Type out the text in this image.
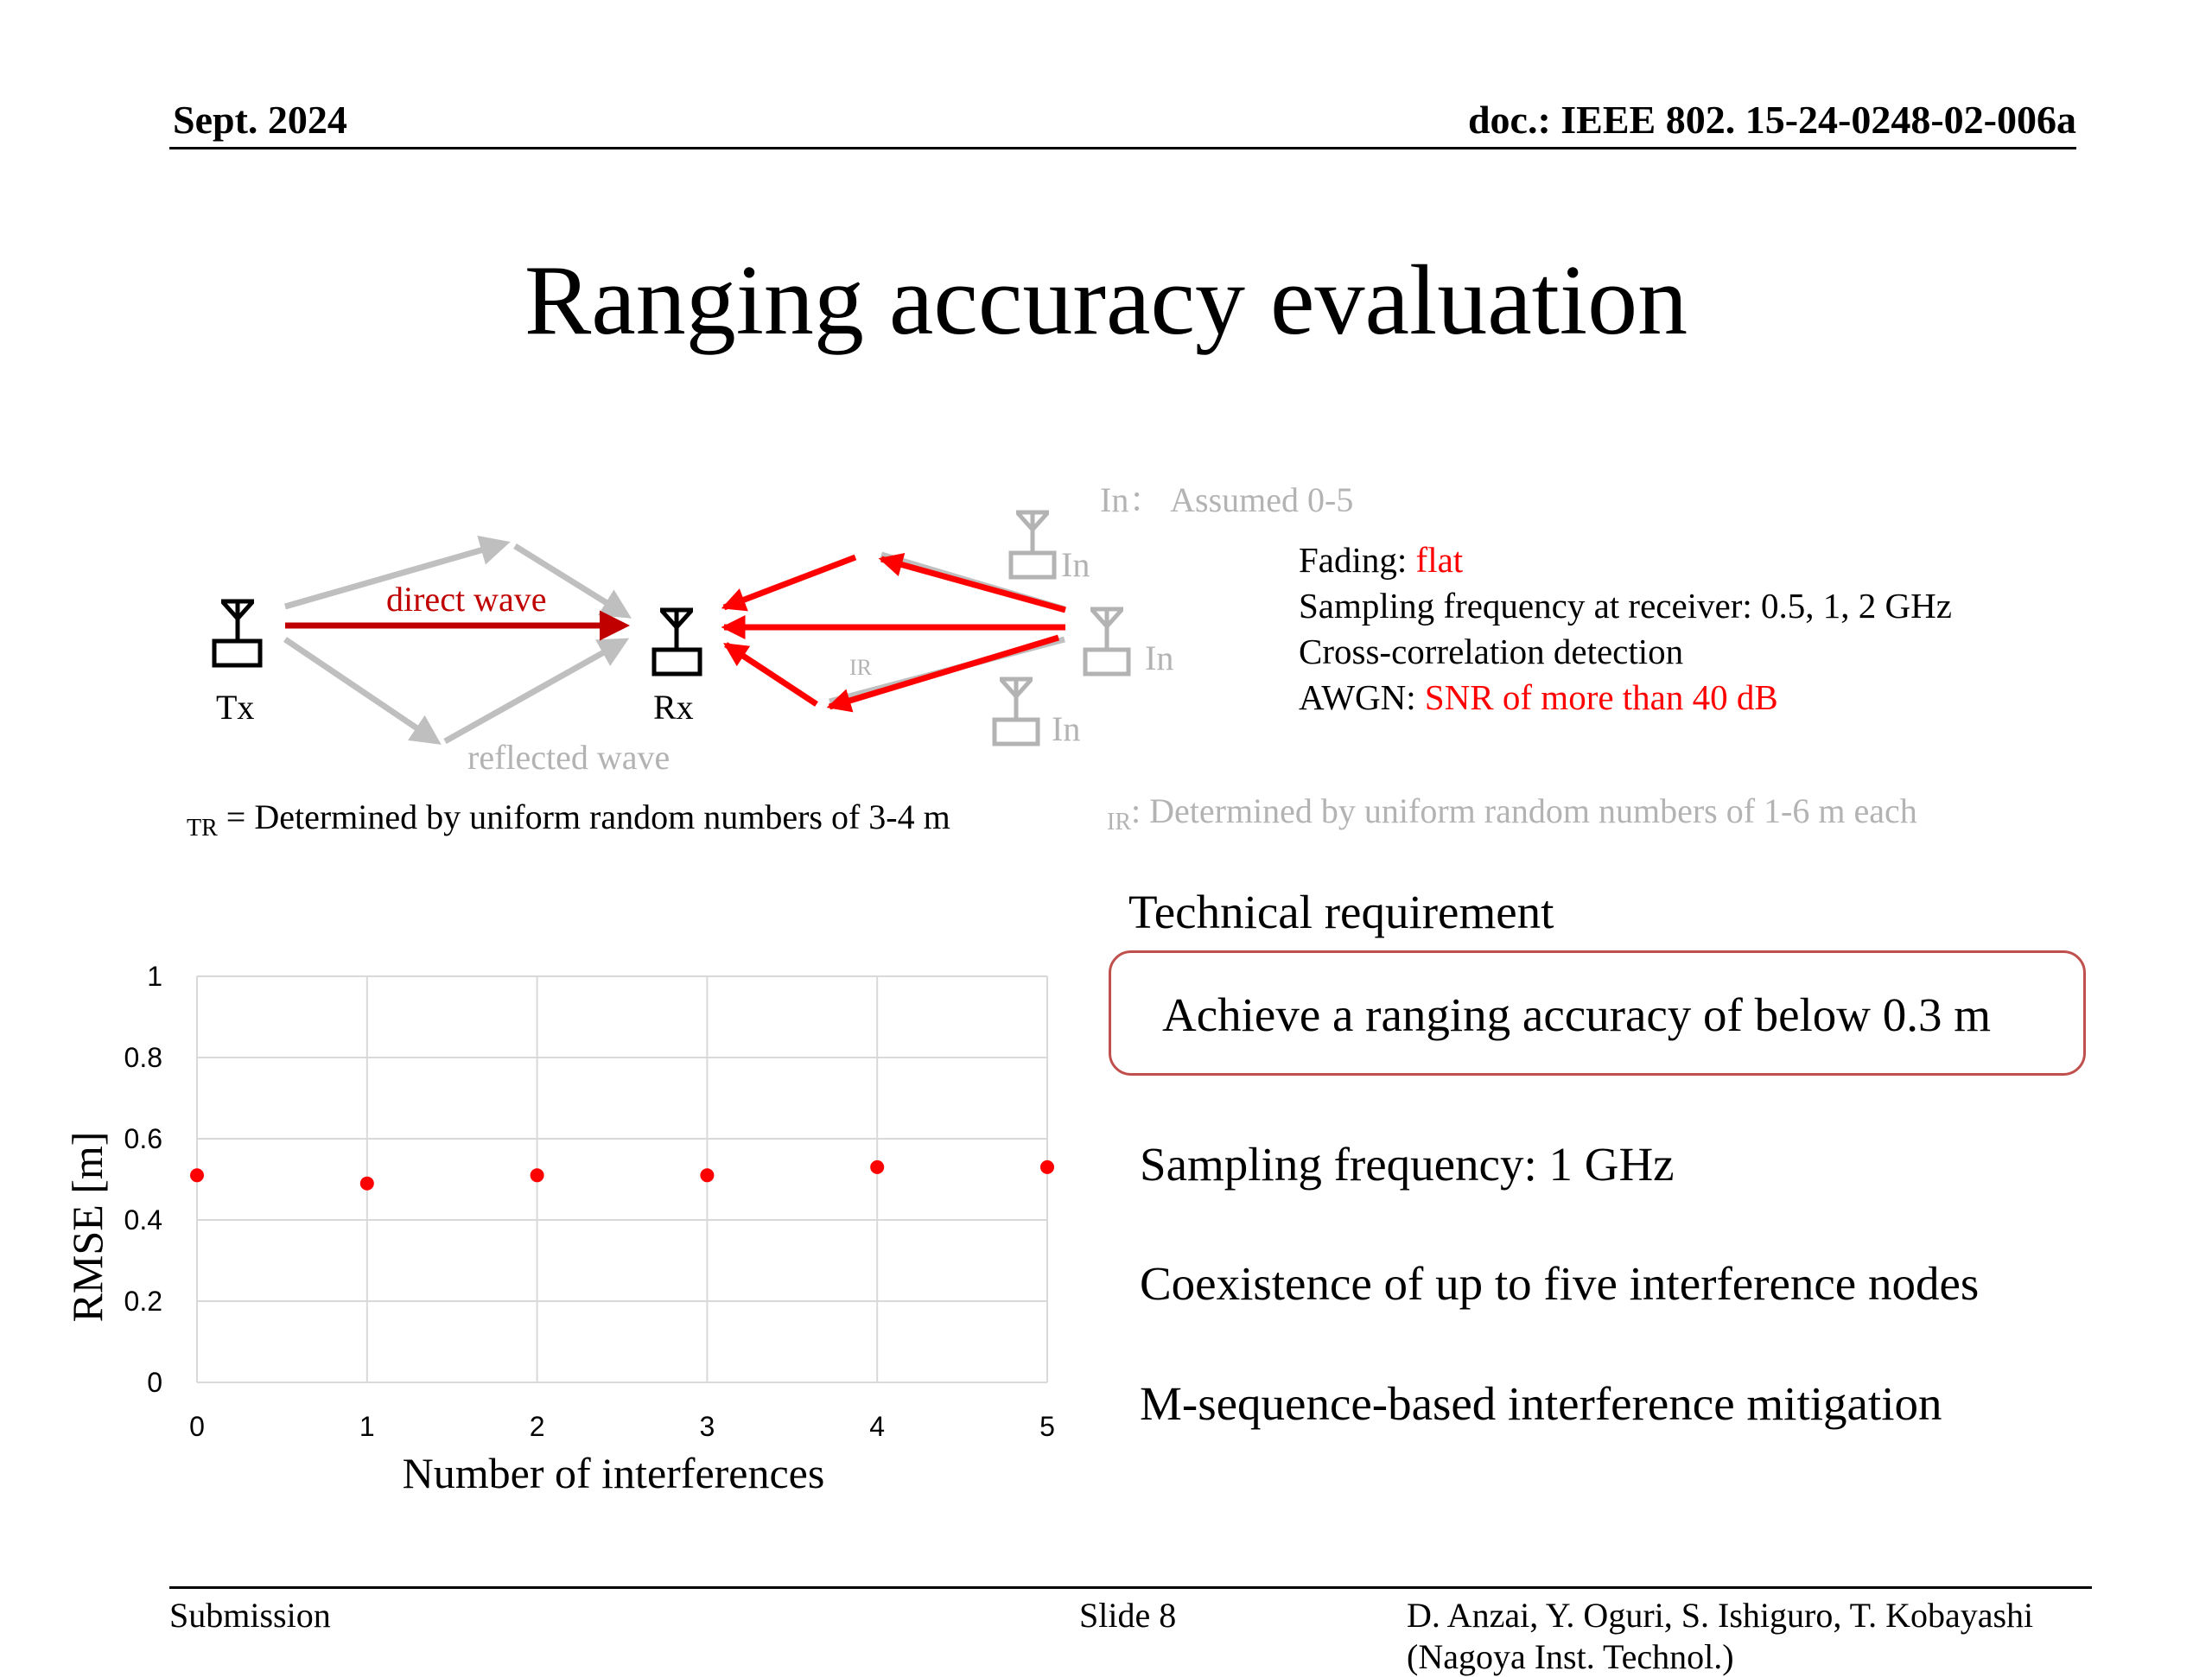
Sept. 2024	doc.: IEEE 802. 15-24-0248-02-006a
Ranging accuracy evaluation
In： Assumed 0-5
Tx	Rx
direct wave
reflected wave
IR
In
In
In
$_{TR}$ = Determined by uniform random numbers of 3-4 m	$_{IR}$: Determined by uniform random numbers of 1-6 m each
Fading: flat
Sampling frequency at receiver: 0.5, 1, 2 GHz
Cross-correlation detection
AWGN: SNR of more than 40 dB
Technical requirement
Achieve a ranging accuracy of below 0.3 m
Sampling frequency: 1 GHz
Coexistence of up to five interference nodes
M-sequence-based interference mitigation
0
0.2
0.4
0.6
0.8
1
0	1	2	3	4	5
Number of interferences
RMSE [m]
Submission	Slide 8	D. Anzai, Y. Oguri, S. Ishiguro, T. Kobayashi
(Nagoya Inst. Technol.)
